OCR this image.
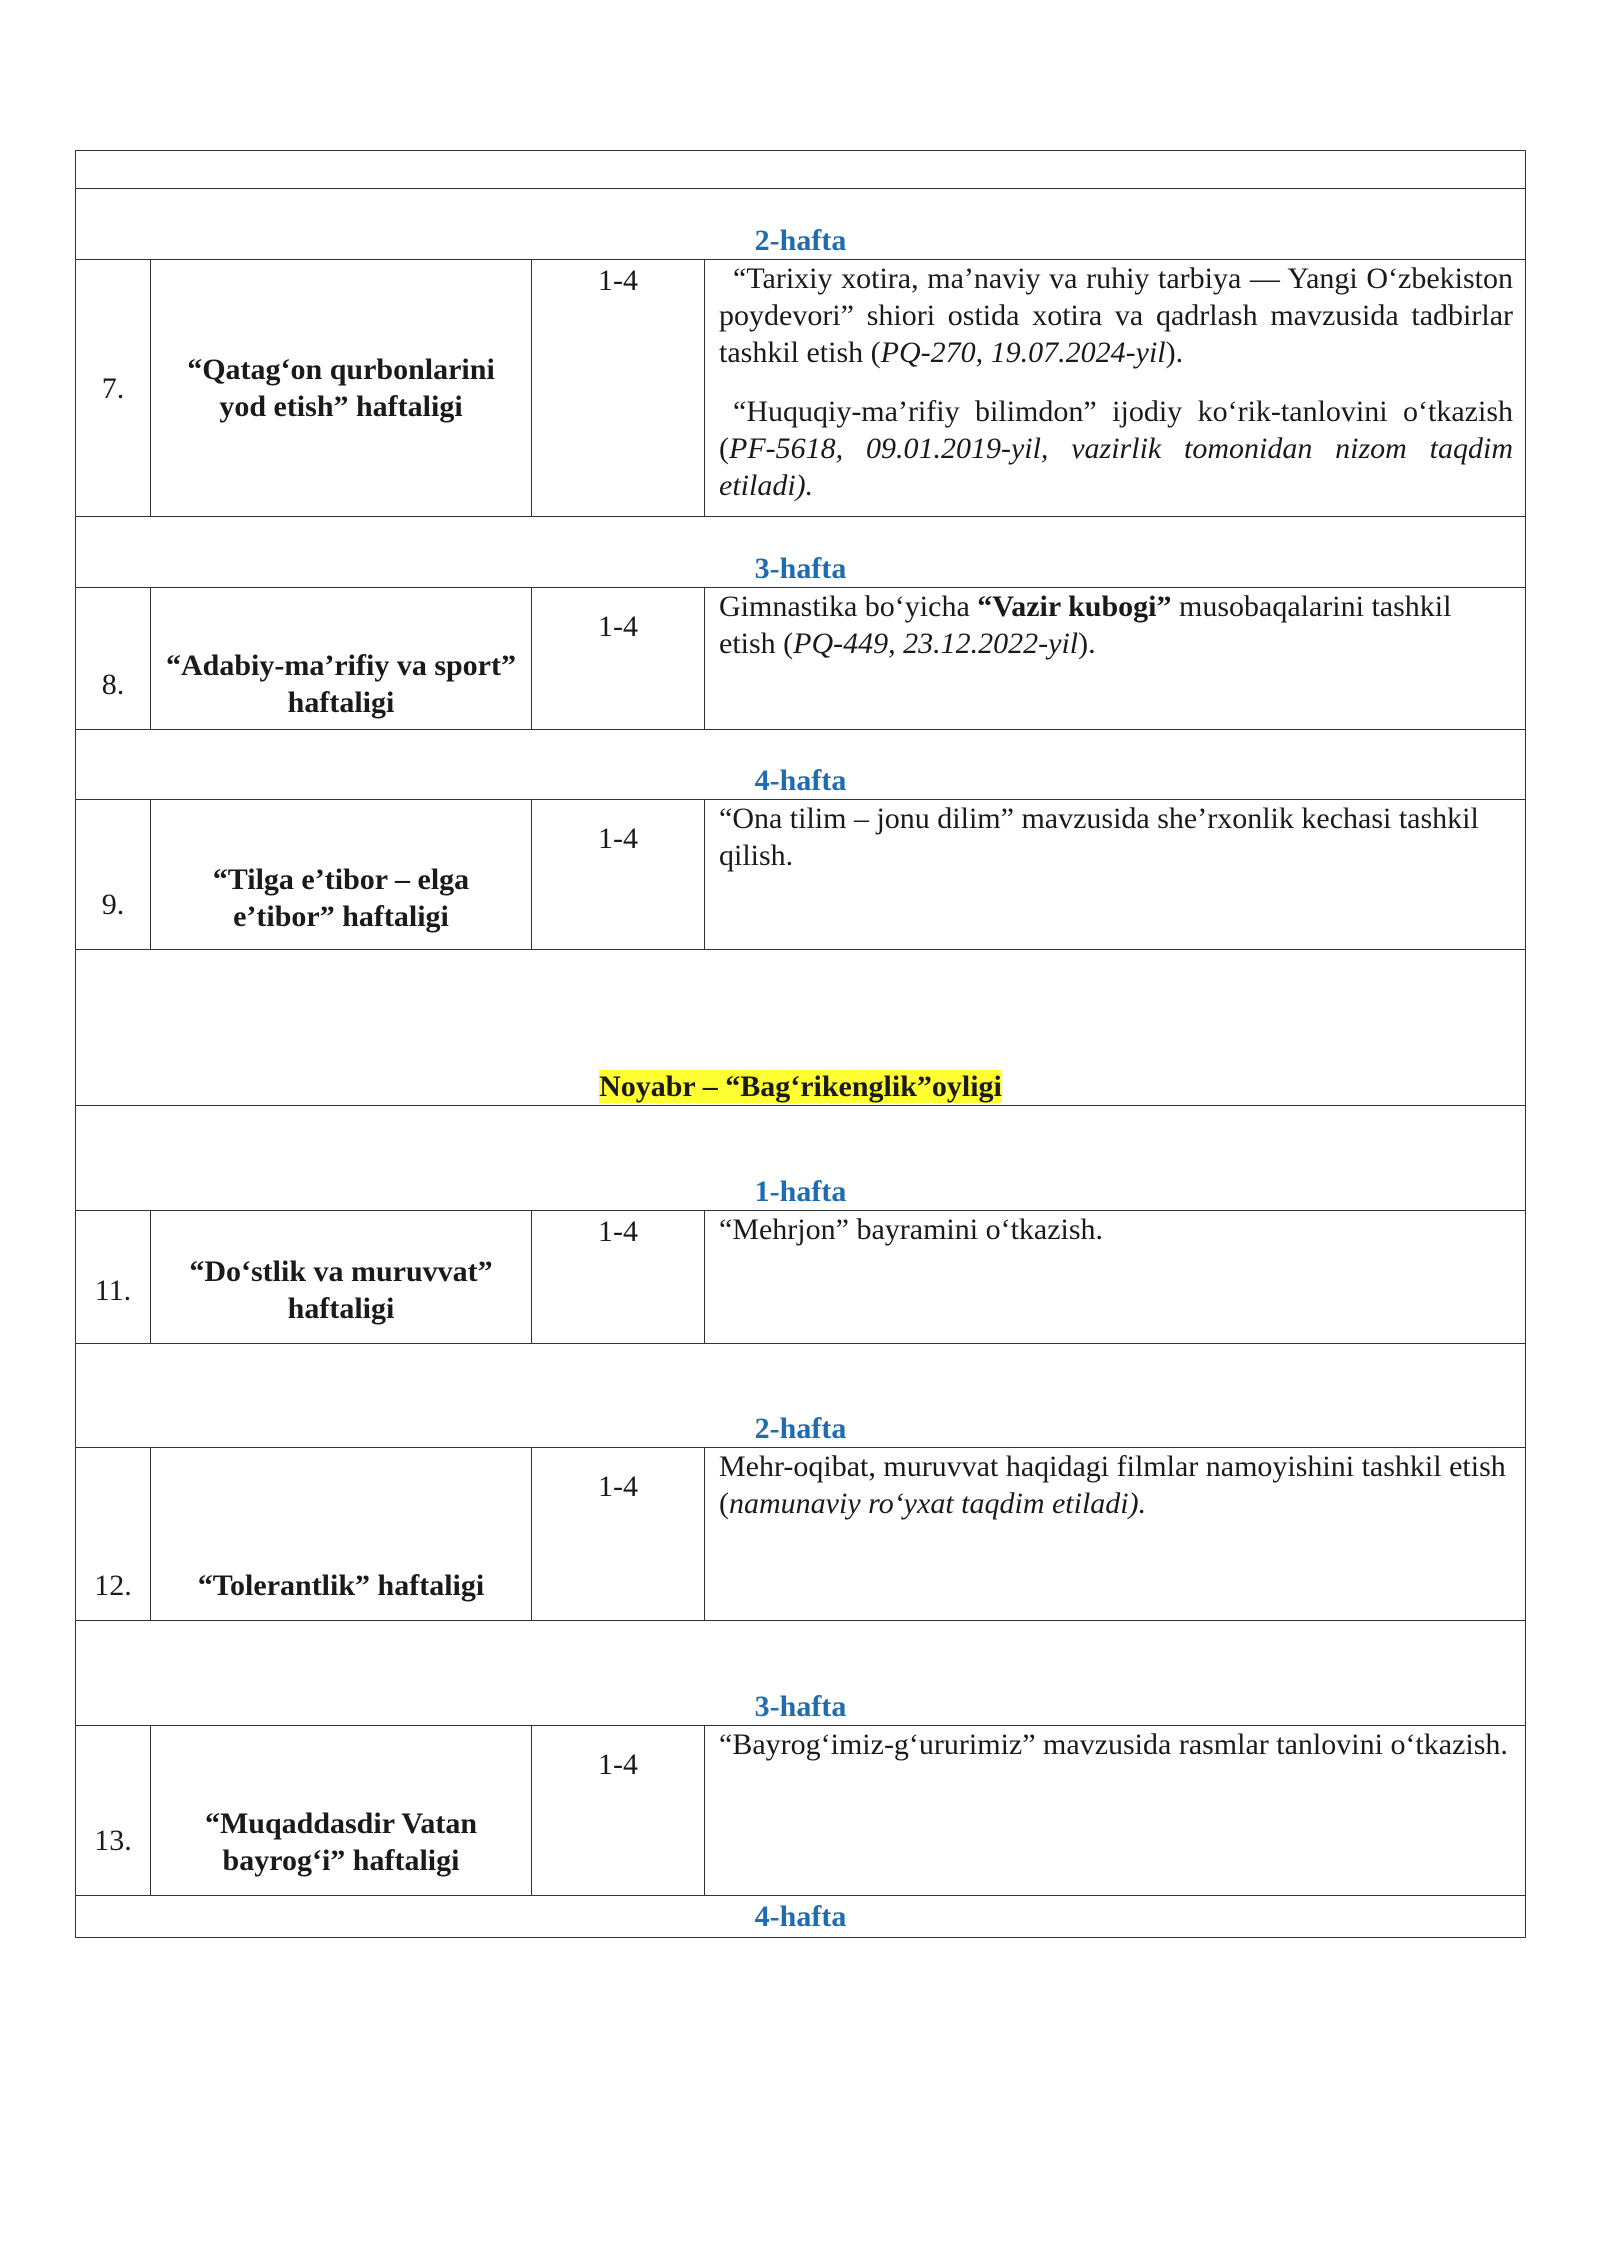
2-hafta			
7.	“Qatag‘on qurbonlarini yod etish” haftaligi	1-4	“Tarixiy xotira, ma’naviy va ruhiy tarbiya — Yangi O‘zbekiston poydevori” shiori ostida xotira va qadrlash mavzusida tadbirlar tashkil etish (PQ-270, 19.07.2024-yil).

“Huquqiy-ma’rifiy bilimdon” ijodiy ko‘rik-tanlovini o‘tkazish (PF-5618, 09.01.2019-yil, vazirlik tomonidan nizom taqdim etiladi).

3-hafta			
8.	“Adabiy-ma’rifiy va sport” haftaligi	1-4	Gimnastika bo‘yicha “Vazir kubogi” musobaqalarini tashkil etish (PQ-449, 23.12.2022-yil).
4-hafta			
9.	“Tilga e’tibor – elga e’tibor” haftaligi	1-4	“Ona tilim – jonu dilim” mavzusida she’rxonlik kechasi tashkil qilish.
Noyabr – “Bag‘rikenglik”oyligi			
1-hafta			
11.	“Do‘stlik va muruvvat” haftaligi	1-4	“Mehrjon” bayramini o‘tkazish.
2-hafta			
12.	“Tolerantlik” haftaligi	1-4	Mehr-oqibat, muruvvat haqidagi filmlar namoyishini tashkil etish (namunaviy ro‘yxat taqdim etiladi).
3-hafta			
13.	“Muqaddasdir Vatan bayrog‘i” haftaligi	1-4	“Bayrog‘imiz-g‘ururimiz” mavzusida rasmlar tanlovini o‘tkazish.
4-hafta			
